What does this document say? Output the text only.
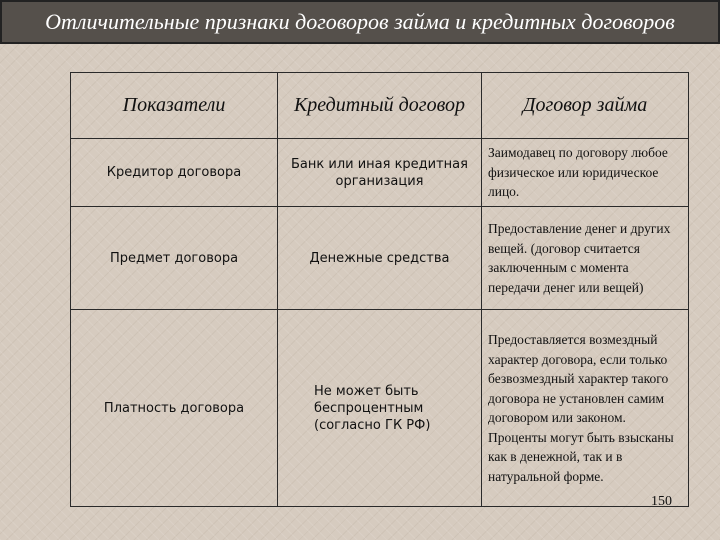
Отличительные признаки договоров займа и кредитных договоров
Показатели	Кредитный договор	Договор займа
Кредитор договора	Банк или иная кредитная организация	Заимодавец по договору любое физическое или юридическое лицо.
Предмет договора	Денежные средства	Предоставление денег и других вещей. (договор считается заключенным с момента передачи денег или вещей)
Платность договора	Не может быть беспроцентным (согласно ГК РФ)	Предоставляется возмездный характер договора, если только безвозмездный характер такого договора не установлен самим договором или законом. Проценты могут быть взысканы как в денежной, так и в натуральной форме.
150
